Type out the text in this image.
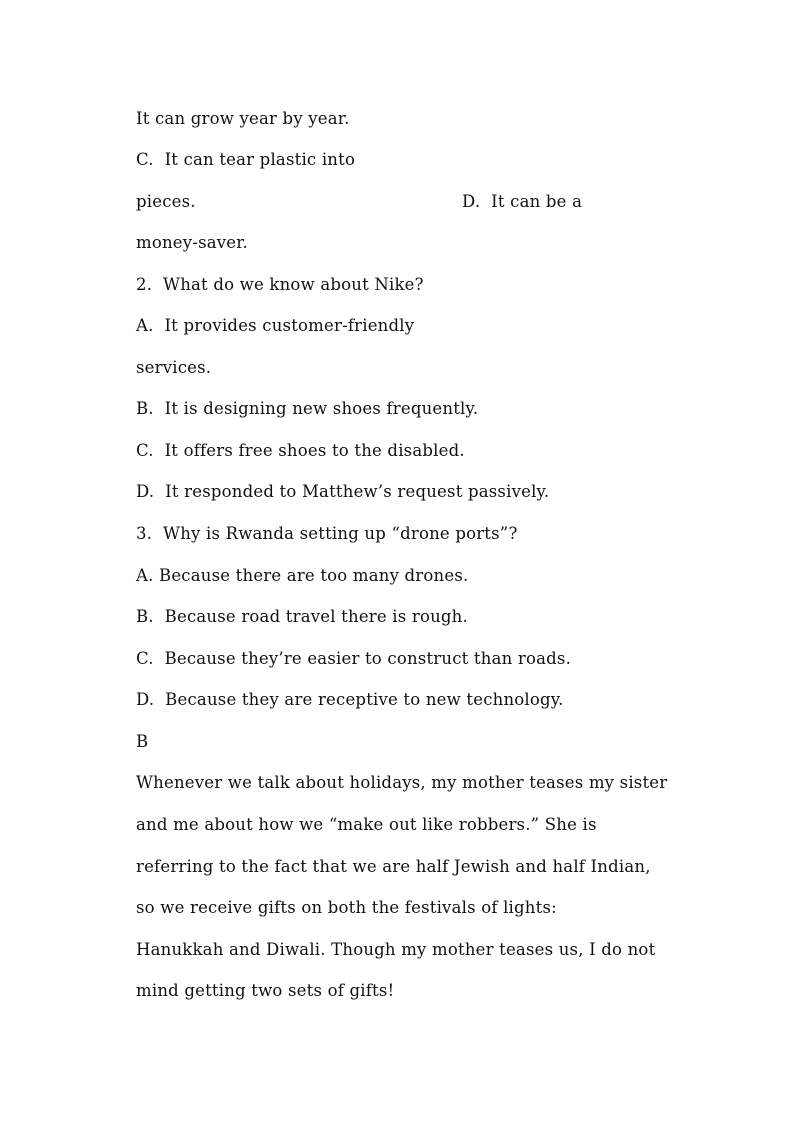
It can grow year by year.
C.  It can tear plastic into
pieces.	D.  It can be a
money-saver.
2.  What do we know about Nike?
A.  It provides customer-friendly
services.
B.  It is designing new shoes frequently.
C.  It offers free shoes to the disabled.
D.  It responded to Matthew’s request passively.
3.  Why is Rwanda setting up “drone ports”?
A. Because there are too many drones.
B.  Because road travel there is rough.
C.  Because they’re easier to construct than roads.
D.  Because they are receptive to new technology.
B
Whenever we talk about holidays, my mother teases my sister
and me about how we “make out like robbers.” She is
referring to the fact that we are half Jewish and half Indian,
so we receive gifts on both the festivals of lights:
Hanukkah and Diwali. Though my mother teases us, I do not
mind getting two sets of gifts!
